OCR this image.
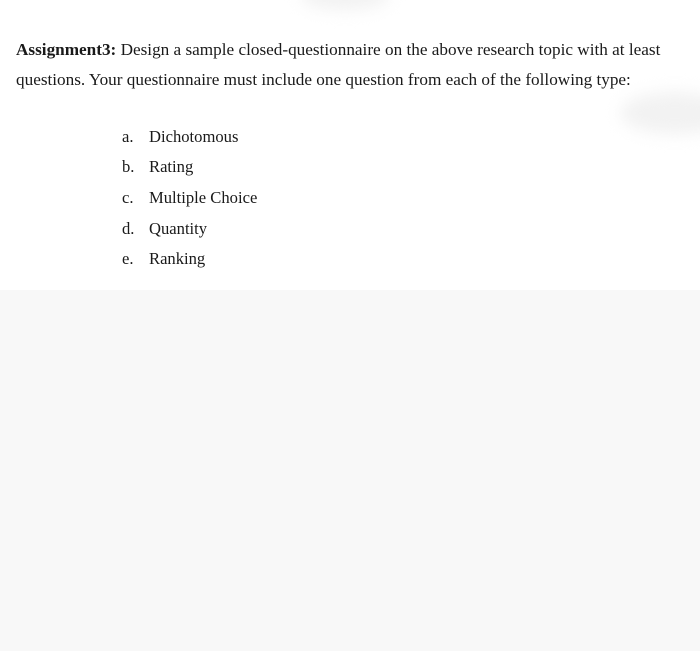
Assignment3: Design a sample closed-questionnaire on the above research topic with at least
questions. Your questionnaire must include one question from each of the following type:
a. Dichotomous
b. Rating
c. Multiple Choice
d. Quantity
e. Ranking
